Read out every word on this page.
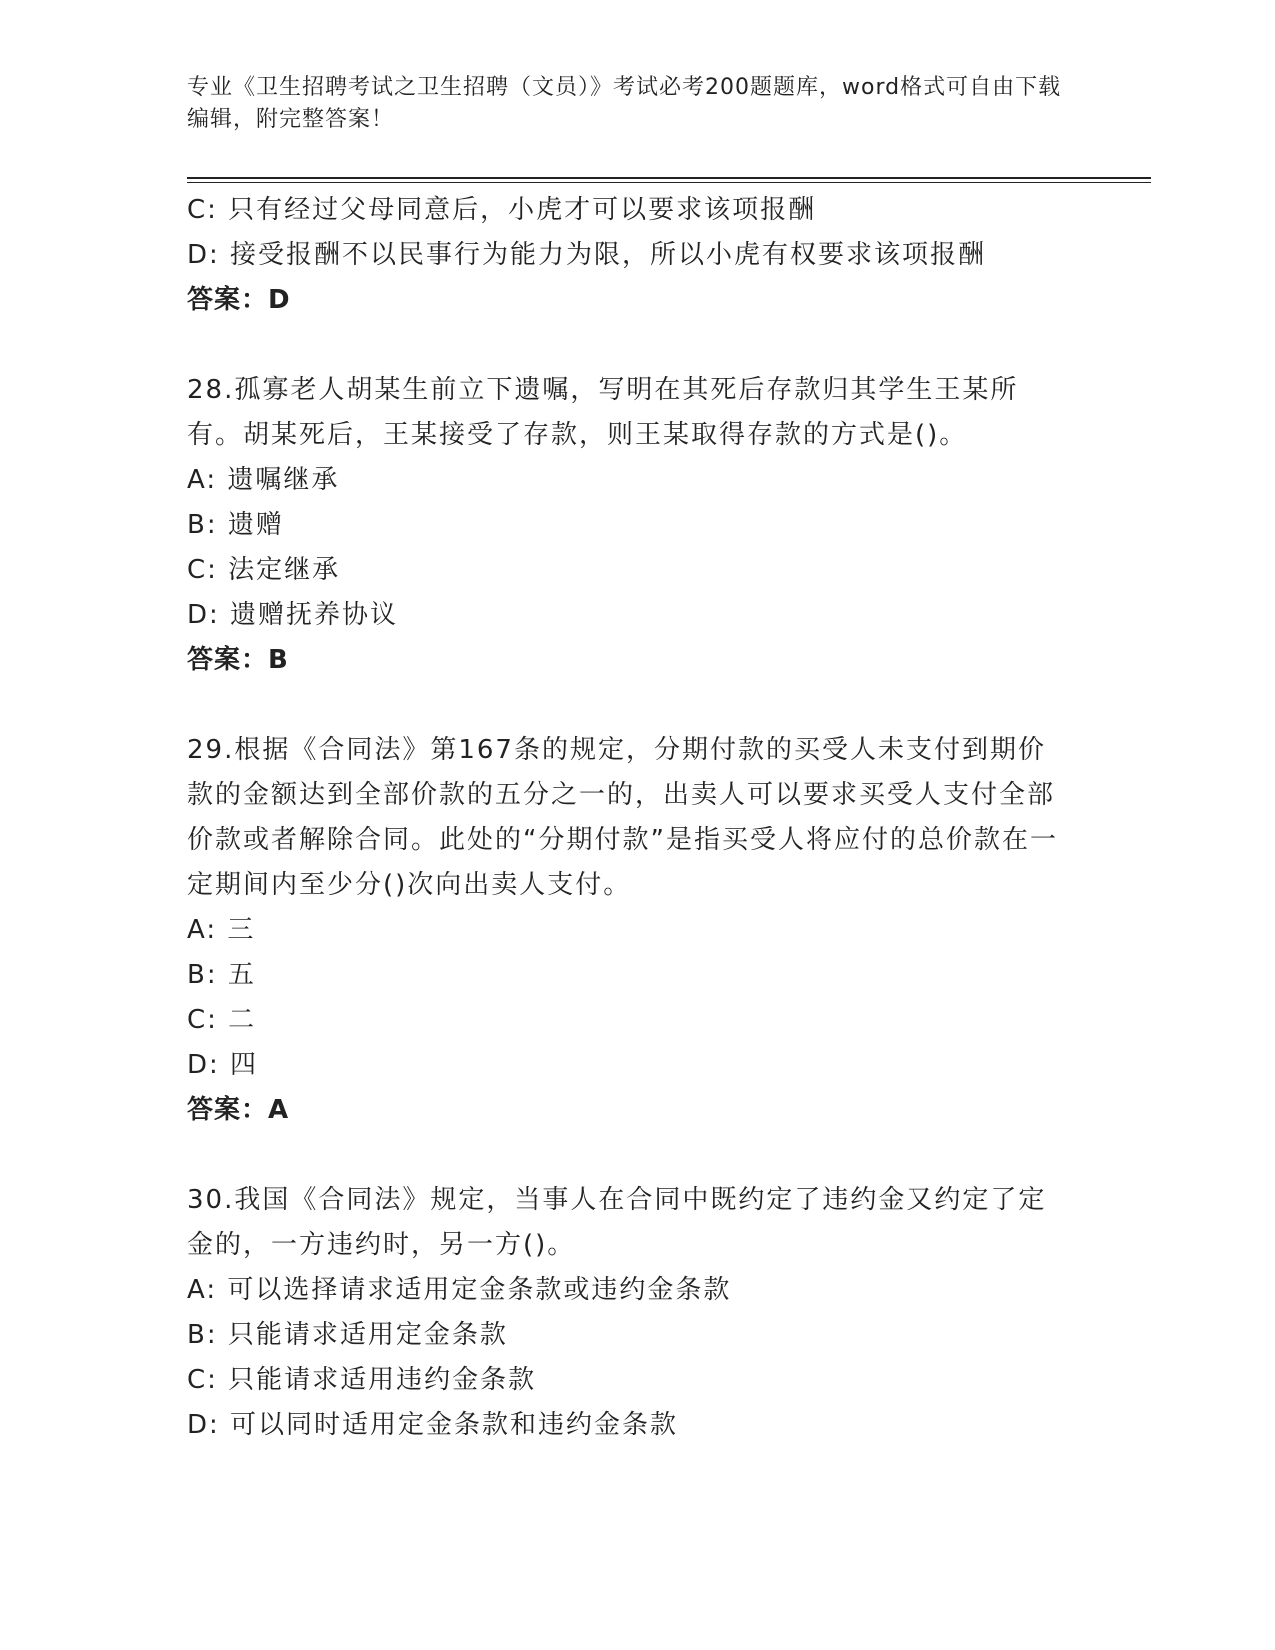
专业《卫生招聘考试之卫生招聘（文员）》考试必考200题题库，word格式可自由下载编辑，附完整答案！
C: 只有经过父母同意后，小虎才可以要求该项报酬
D: 接受报酬不以民事行为能力为限，所以小虎有权要求该项报酬
答案：D
28.孤寡老人胡某生前立下遗嘱，写明在其死后存款归其学生王某所有。胡某死后，王某接受了存款，则王某取得存款的方式是()。
A: 遗嘱继承
B: 遗赠
C: 法定继承
D: 遗赠抚养协议
答案：B
29.根据《合同法》第167条的规定，分期付款的买受人未支付到期价款的金额达到全部价款的五分之一的，出卖人可以要求买受人支付全部价款或者解除合同。此处的“分期付款”是指买受人将应付的总价款在一定期间内至少分()次向出卖人支付。
A: 三
B: 五
C: 二
D: 四
答案：A
30.我国《合同法》规定，当事人在合同中既约定了违约金又约定了定金的，一方违约时，另一方()。
A: 可以选择请求适用定金条款或违约金条款
B: 只能请求适用定金条款
C: 只能请求适用违约金条款
D: 可以同时适用定金条款和违约金条款
